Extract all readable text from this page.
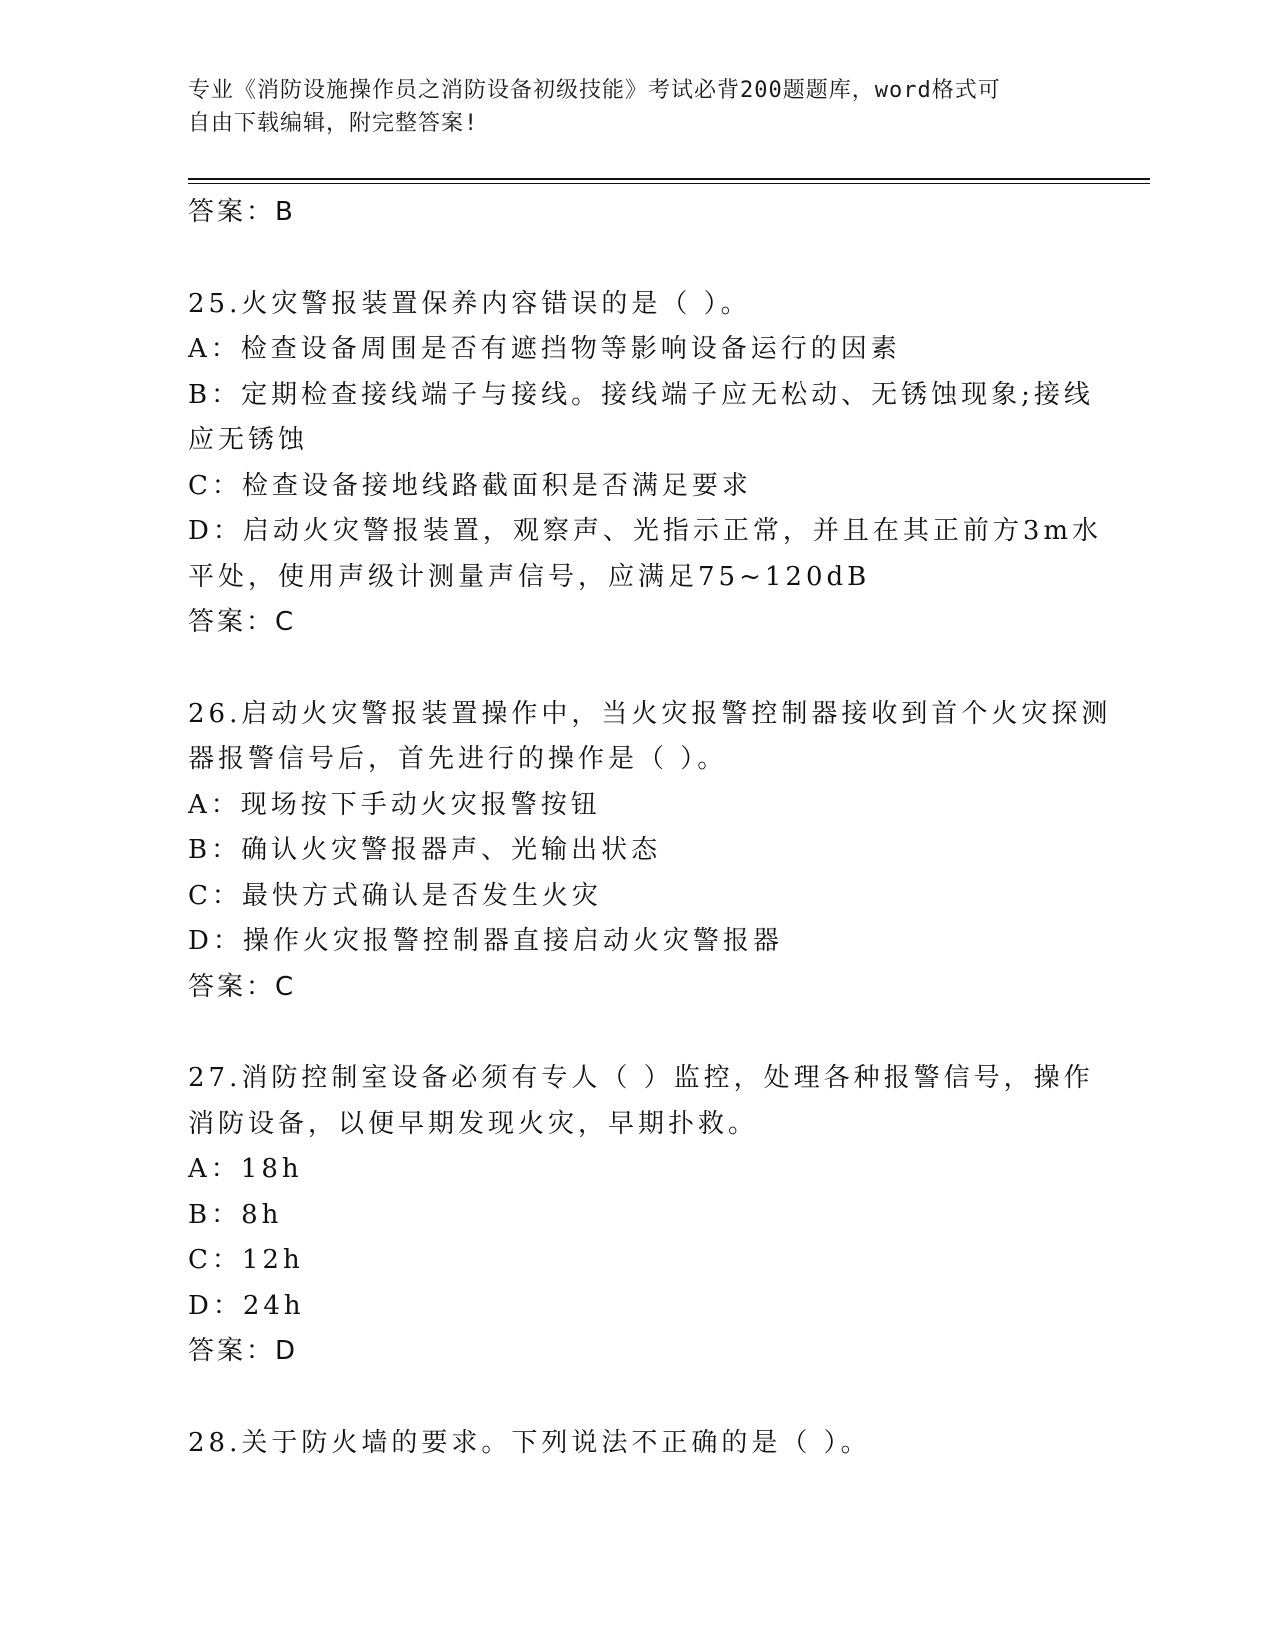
专业《消防设施操作员之消防设备初级技能》考试必背200题题库，word格式可
自由下载编辑，附完整答案!
答案：B
25.火灾警报装置保养内容错误的是（ ）。
A：检查设备周围是否有遮挡物等影响设备运行的因素
B：定期检查接线端子与接线。接线端子应无松动、无锈蚀现象;接线
应无锈蚀
C：检查设备接地线路截面积是否满足要求
D：启动火灾警报装置，观察声、光指示正常，并且在其正前方3m水
平处，使用声级计测量声信号，应满足75~120dB
答案：C
26.启动火灾警报装置操作中，当火灾报警控制器接收到首个火灾探测
器报警信号后，首先进行的操作是（ ）。
A：现场按下手动火灾报警按钮
B：确认火灾警报器声、光输出状态
C：最快方式确认是否发生火灾
D：操作火灾报警控制器直接启动火灾警报器
答案：C
27.消防控制室设备必须有专人（ ）监控，处理各种报警信号，操作
消防设备，以便早期发现火灾，早期扑救。
A：18h
B：8h
C：12h
D：24h
答案：D
28.关于防火墙的要求。下列说法不正确的是（ ）。
